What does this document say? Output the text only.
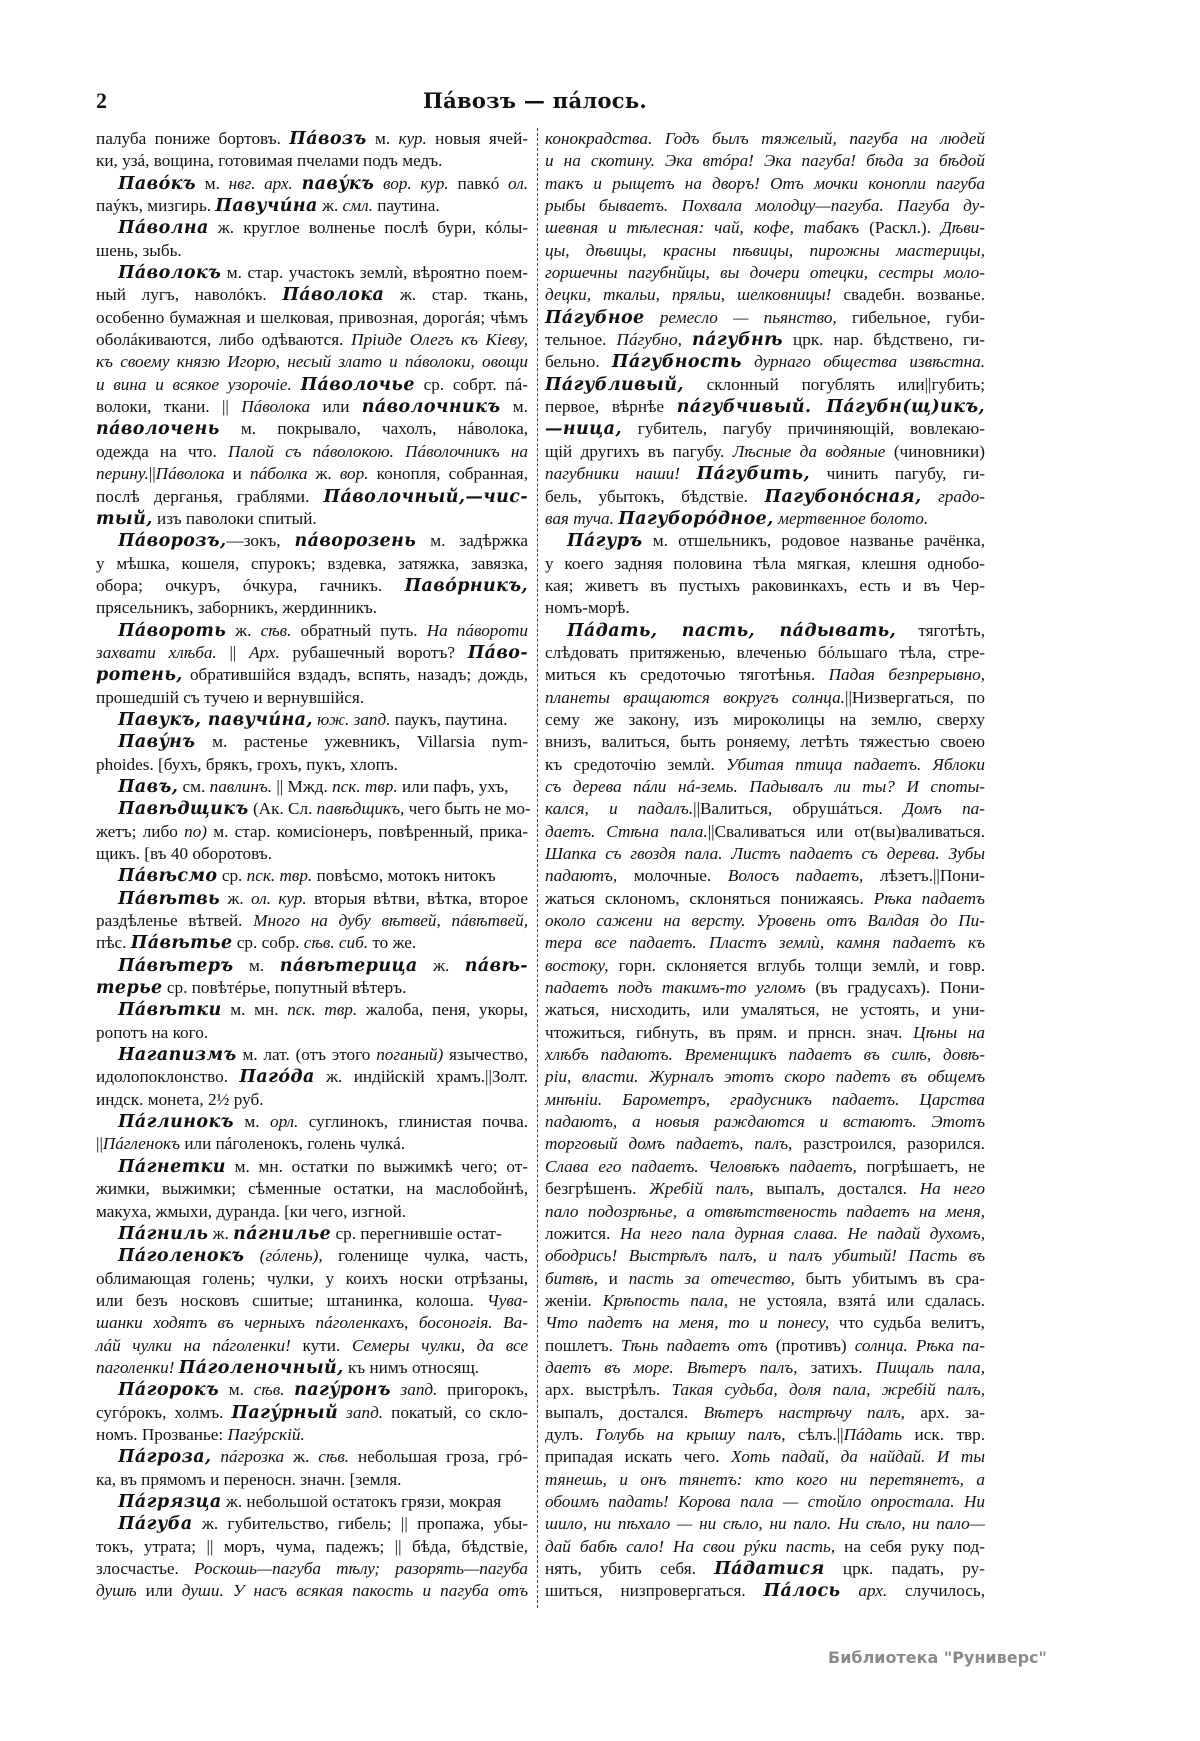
2	Пáвозъ — пáлось.
палуба пониже бортовъ. Пáвозъ м. кур. новыя ячей-
ки, узá, вощина, готовимая пчелами подъ медъ.
Павóкъ м. нвг. арх. павýкъ вор. кур. павкó ол.
паýкъ, мизгирь. Павучи́на ж. смл. паутина.
Пáволна ж. круглое волненье послѣ бури, кóлы-
шень, зыбь.
Пáволокъ м. стар. участокъ землѝ, вѣроятно поем-
ный лугъ, наволóкъ. Пáволока ж. стар. ткань,
особенно бумажная и шелковая, привозная, дорогáя; чѣмъ
оболáкиваются, либо одѣваются. Прiиде Олегъ къ Кiеву,
къ своему князю Игорю, несый злато и пáволоки, овощи
и вина и всякое узорочiе. Пáволочье ср. собрт. пá-
волоки, ткани. || Пáволока или пáволочникъ м.
пáволочень м. покрывало, чахолъ, нáволока,
одежда на что. Палой съ пáволокою. Пáволочникъ на
перину.||Пáволока и пáболка ж. вор. конопля, собранная,
послѣ дерганья, граблями. Пáволочный,—чис-
тый, изъ паволоки спитый.
Пáворозъ,—зокъ, пáворозень м. задѣржка
у мѣшка, кошеля, спурокъ; вздевка, затяжка, завязка,
обора; очкуръ, óчкура, гачникъ. Павóрникъ,
прясельникъ, заборникъ, жердинникъ.
Пáвороть ж. сѣв. обратный путь. На пáвороти
захвати хлѣба. || Арх. рубашечный воротъ? Пáво-
ротень, обратившiйся вздадъ, вспять, назадъ; дождь,
прошедшiй съ тучею и вернувшiйся.
Павукъ, павучи́на, юж. запд. паукъ, паутина.
Павýнъ м. растенье ужевникъ, Villarsia nym-
phoides. [бухъ, брякъ, грохъ, пукъ, хлопъ.
Павъ, см. павлинъ. || Мжд. пск. твр. или пафъ, ухъ,
Павѣдщикъ (Ак. Сл. павѣдщикъ, чего быть не мо-
жетъ; либо по) м. стар. комисiонеръ, повѣренный, прика-
щикъ. [въ 40 оборотовъ.
Пáвѣсмо ср. пск. твр. повѣсмо, мотокъ нитокъ
Пáвѣтвь ж. ол. кур. вторыя вѣтви, вѣтка, второе
раздѣленье вѣтвей. Много на дубу вѣтвей, пáвѣтвей,
пѣс. Пáвѣтье ср. собр. сѣв. сиб. то же.
Пáвѣтеръ м. пáвѣтерица ж. пáвѣ-
терье ср. повѣтéрье, попутный вѣтеръ.
Пáвѣтки м. мн. пск. твр. жалоба, пеня, укоры,
ропотъ на кого.
Нагапизмъ м. лат. (отъ этого поганый) язычество,
идолопоклонство. Пагóда ж. индiйскiй храмъ.||Золт.
индск. монета, 2½ руб.
Пáглинокъ м. орл. суглинокъ, глинистая почва.
||Пáгленокъ или пáголенокъ, голень чулкá.
Пáгнетки м. мн. остатки по выжимкѣ чего; от-
жимки, выжимки; сѣменные остатки, на маслобойнѣ,
макуха, жмыхи, дуранда. [ки чего, изгной.
Пáгниль ж. пáгнилье ср. перегнившiе остат-
Пáголенокъ (гóлень), голенище чулка, часть,
облимающая голень; чулки, у коихъ носки отрѣзаны,
или безъ носковъ сшитые; штанинка, колоша. Чува-
шанки ходятъ въ черныхъ пáголенкахъ, босоногiя. Ва-
лáй чулки на пáголенки! кути. Семеры чулки, да все
паголенки! Пáголеночный, къ нимъ относящ.
Пáгорокъ м. сѣв. пагýронъ запд. пригорокъ,
сугóрокъ, холмъ. Пагýрный запд. покатый, со скло-
номъ. Прозванье: Пагýрскiй.
Пáгроза, пáгрозка ж. сѣв. небольшая гроза, грó-
ка, въ прямомъ и переносн. значн. [земля.
Пáгрязца ж. небольшой остатокъ грязи, мокрая
Пáгуба ж. губительство, гибель; || пропажа, убы-
токъ, утрата; || моръ, чума, падежъ; || бѣда, бѣдствiе,
злосчастье. Роскошь—пагуба тѣлу; разорять—пагуба
душѣ или души. У насъ всякая пакость и пагуба отъ
конокрадства. Годъ былъ тяжелый, пагуба на людей
и на скотину. Эка втóра! Эка пагуба! бѣда за бѣдой
такъ и рыщетъ на дворъ! Отъ мочки конопли пагуба
рыбы бываетъ. Похвала молодцу—пагуба. Пагуба ду-
шевная и тѣлесная: чай, кофе, табакъ (Раскл.). Дѣви-
цы, дѣвицы, красны пѣвицы, пирожны мастерицы,
горшечны пагубнйцы, вы дочери отецки, сестры моло-
децки, ткальи, пряльи, шелковницы! свадебн. возванье.
Пáгубное ремесло — пьянство, гибельное, губи-
тельное. Пáгубно, пáгубнѣ црк. нар. бѣдствено, ги-
бельно. Пáгубность дурнаго общества извѣстна.
Пáгубливый, склонный погублять или||губить;
первое, вѣрнѣе пáгубчивый. Пáгубн(щ)икъ,
—ница, губитель, пагубу причиняющiй, вовлекаю-
щiй другихъ въ пагубу. Лѣсные да водяные (чиновники)
пагубники наши! Пáгубить, чинить пагубу, ги-
бель, убытокъ, бѣдствiе. Пагубонóсная, градо-
вая туча. Пагуборóдное, мертвенное болото.
Пáгуръ м. отшельникъ, родовое названье рачёнка,
у коего задняя половина тѣла мягкая, клешня однобо-
кая; живетъ въ пустыхъ раковинкахъ, есть и въ Чер-
номъ-морѣ.
Пáдать, пасть, пáдывать, тяготѣть,
слѣдовать притяженью, влеченью бóльшаго тѣла, стре-
миться къ средоточью тяготѣнья. Падая безпрерывно,
планеты вращаются вокругъ солнца.||Низвергаться, по
сему же закону, изъ мироколицы на землю, сверху
внизъ, валиться, быть роняему, летѣть тяжестью своею
къ средоточiю землѝ. Убитая птица падаетъ. Яблоки
съ дерева пáли нá-земь. Падывалъ ли ты? И споты-
кался, и падалъ.||Валиться, обрушáться. Домъ па-
даетъ. Стѣна пала.||Сваливаться или от(вы)валиваться.
Шапка съ гвоздя пала. Листъ падаетъ съ дерева. Зубы
падаютъ, молочные. Волосъ падаетъ, лѣзетъ.||Пони-
жаться склономъ, склоняться понижаясь. Рѣка падаетъ
около сажени на версту. Уровень отъ Валдая до Пи-
тера все падаетъ. Пластъ землѝ, камня падаетъ къ
востоку, горн. склоняется вглубь толщи землѝ, и говр.
падаетъ подъ такимъ-то угломъ (въ градусахъ). Пони-
жаться, нисходить, или умаляться, не устоять, и уни-
чтожиться, гибнуть, въ прям. и прнсн. знач. Цѣны на
хлѣбъ падаютъ. Временщикъ падаетъ въ силѣ, довѣ-
рiи, власти. Журналъ этотъ скоро падетъ въ общемъ
мнѣнiи. Барометръ, градусникъ падаетъ. Царства
падаютъ, а новыя раждаются и встаютъ. Этотъ
торговый домъ падаетъ, палъ, разстроился, разорился.
Слава его падаетъ. Человѣкъ падаетъ, погрѣшаетъ, не
безгрѣшенъ. Жребiй палъ, выпалъ, достался. На него
пало подозрѣнье, а отвѣтственость падаетъ на меня,
ложится. На него пала дурная слава. Не падай духомъ,
ободрись! Выстрѣлъ палъ, и палъ убитый! Пасть въ
битвѣ, и пасть за отечество, быть убитымъ въ сра-
женiи. Крѣпость пала, не устояла, взятá или сдалась.
Что падетъ на меня, то и понесу, что судьба велитъ,
пошлетъ. Тѣнь падаетъ отъ (противъ) солнца. Рѣка па-
даетъ въ море. Вѣтеръ палъ, затихъ. Пищаль пала,
арх. выстрѣлъ. Такая судьба, доля пала, жребiй палъ,
выпалъ, достался. Вѣтеръ настрѣчу палъ, арх. за-
дулъ. Голубь на крышу палъ, сѣлъ.||Пáдать иск. твр.
припадая искать чего. Хоть падай, да найдай. И ты
тянешь, и онъ тянетъ: кто кого ни перетянетъ, а
обоимъ падать! Корова пала — стойло опростала. Ни
шило, ни пѣхало — ни сѣло, ни пало. Ни сѣло, ни пало—
дай бабѣ сало! На свои рýки пасть, на себя руку под-
нять, убить себя. Пáдатися црк. падать, ру-
шиться, низпровергаться. Пáлось арх. случилось,
Библиотека "Руниверс"
